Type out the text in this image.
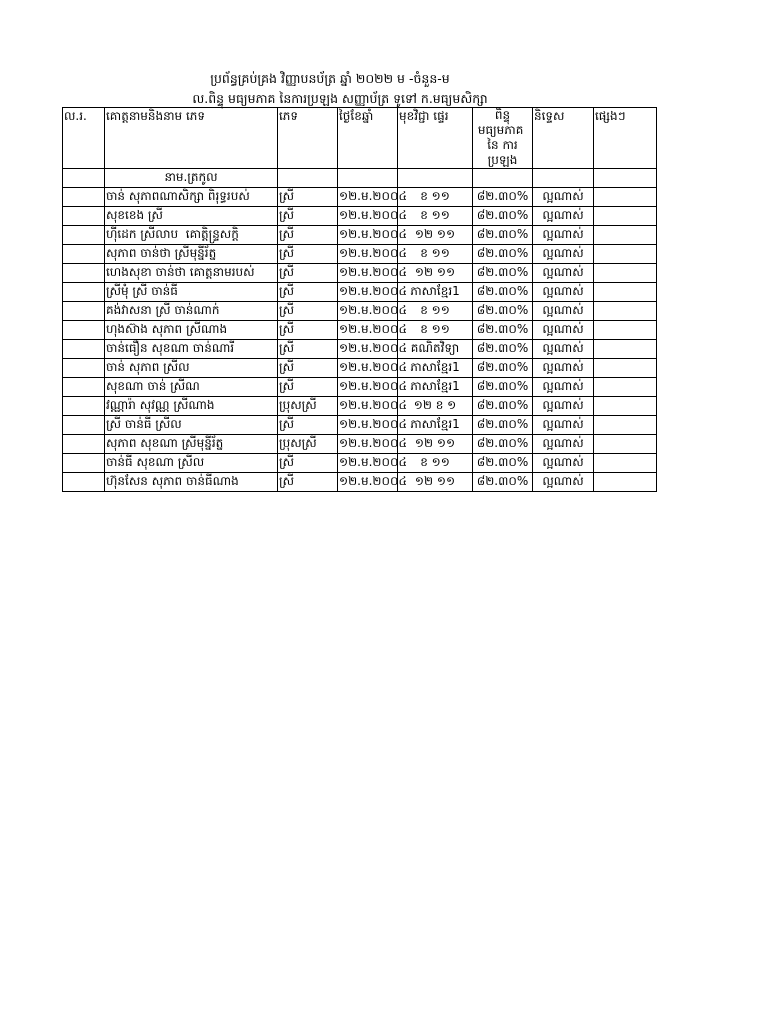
ប្រព័ន្ធគ្រប់គ្រង វិញ្ញាបនប័ត្រ ​ឆ្នាំ ២០២២ ម -ចំនួន-ម
ល.ពិន្ទុ​ ​មធ្យមភាគ នៃការប្រឡង​ សញ្ញាប័ត្រ ទូទៅ ក.មធ្យមសិក្សា
ល.រ.	គោត្តនាមនិងនាម ភេទ	ភេទ	ថ្ងៃខែឆ្នាំ	មុខវិជ្ជា ផ្ទេរ	ពិន្ទុ មធ្យមភាគ ​នៃ ​ការប្រឡង	និទ្ទេស	ផ្សេងៗ
	នាម.ត្រកូល						
	ចាន់ សុភាព​ណាសិក្សា ​ពិរុទ្ធរបស់	ស្រី	១២.ម.២០០៤	ខ ១១	៨២.៣០%	ល្អណាស់	
	សុខខេង​ ស្រី	ស្រី	១២.ម.២០០៤	ខ ១១	៨២.៣០%	ល្អណាស់	
	ហ៊ីដេក ស្រីលាប ​ គោត្តិន្ទ្រសក្តិ	ស្រី	១២.ម.២០០៤	១២ ១១	៨២.៣០%	ល្អណាស់	
	សុភាព ចាន់ថា ស្រីមុន្នីរ័ត្ន	ស្រី	១២.ម.២០០៤	ខ ១១	៨២.៣០%	ល្អណាស់	
	ហេងសុខា ចាន់ថា គោត្តនាមរបស់	ស្រី	១២.ម.២០០៤	១២ ១១	៨២.៣០%	ល្អណាស់	
	ស្រីមុំ ស្រី ចាន់ធី	ស្រី	១២.ម.២០០៤	ភាសាខ្មែរ1	៨២.៣០%	ល្អណាស់	
	គង់វាសនា ស្រី ចាន់ណាក់	ស្រី	១២.ម.២០០៤	ខ ១១	៨២.៣០%	ល្អណាស់	
	ហុងស៊ាង សុភាព ស្រីណាង	ស្រី	១២.ម.២០០៤	ខ ១១	៨២.៣០%	ល្អណាស់	
	ចាន់ធឿន​ សុខណា ចាន់ណារី	ស្រី	១២.ម.២០០៤	គណិតវិទ្យា	៨២.៣០%	ល្អណាស់	
	ចាន់ សុភាព ស្រីល	ស្រី	១២.ម.២០០៤	ភាសាខ្មែរ1	៨២.៣០%	ល្អណាស់	
	សុខណា ចាន់ ស្រីណ	ស្រី	១២.ម.២០០៤	ភាសាខ្មែរ1	៨២.៣០%	ល្អណាស់	
	វណ្ណារ៉ា សុវណ្ណ ស្រីណាង	ប្រុសស្រី	១២.ម.២០០៤	១២ ខ ១	៨២.៣០%	ល្អណាស់	
	ស្រី ចាន់ធី ស្រីល	ស្រី	១២.ម.២០០៤	ភាសាខ្មែរ1	៨២.៣០%	ល្អណាស់	
	សុភាព សុខណា ស្រីមុន្នីរ័ត្ន	ប្រុសស្រី	១២.ម.២០០៤	១២ ១១	៨២.៣០%	ល្អណាស់	
	ចាន់ធី សុខណា ស្រីល	ស្រី	១២.ម.២០០៤	ខ ១១	៨២.៣០%	ល្អណាស់	
	ហ៊ុនសែន សុភាព ចាន់ធីណាង	ស្រី	១២.ម.២០០៤	១២ ១១	៨២.៣០%	ល្អណាស់	
